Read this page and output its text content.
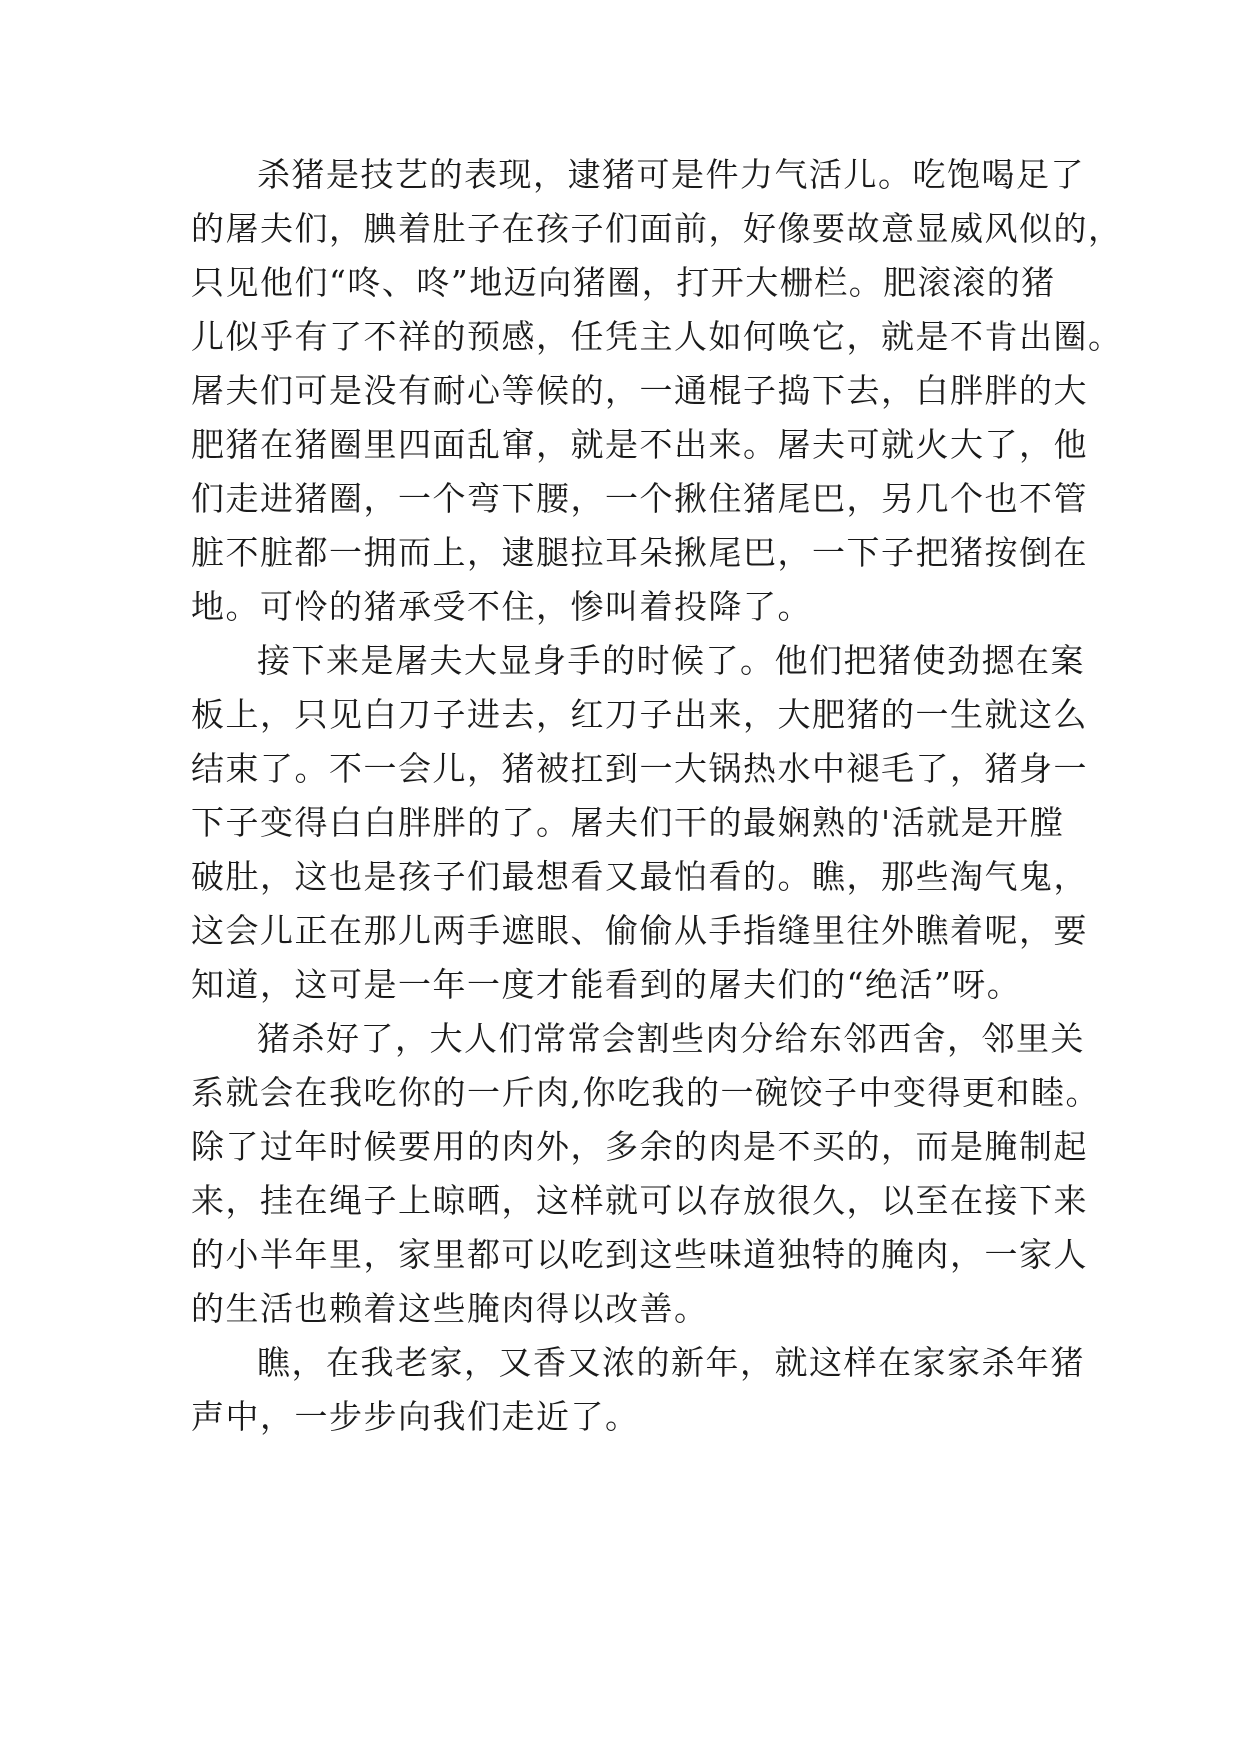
杀猪是技艺的表现，逮猪可是件力气活儿。吃饱喝足了
的屠夫们，腆着肚子在孩子们面前，好像要故意显威风似的，
只见他们“咚、咚”地迈向猪圈，打开大栅栏。肥滚滚的猪
儿似乎有了不祥的预感，任凭主人如何唤它，就是不肯出圈。
屠夫们可是没有耐心等候的，一通棍子捣下去，白胖胖的大
肥猪在猪圈里四面乱窜，就是不出来。屠夫可就火大了，他
们走进猪圈，一个弯下腰，一个揪住猪尾巴，另几个也不管
脏不脏都一拥而上，逮腿拉耳朵揪尾巴，一下子把猪按倒在
地。可怜的猪承受不住，惨叫着投降了。
接下来是屠夫大显身手的时候了。他们把猪使劲摁在案
板上，只见白刀子进去，红刀子出来，大肥猪的一生就这么
结束了。不一会儿，猪被扛到一大锅热水中褪毛了，猪身一
下子变得白白胖胖的了。屠夫们干的最娴熟的'活就是开膛
破肚，这也是孩子们最想看又最怕看的。瞧，那些淘气鬼，
这会儿正在那儿两手遮眼、偷偷从手指缝里往外瞧着呢，要
知道，这可是一年一度才能看到的屠夫们的“绝活”呀。
猪杀好了，大人们常常会割些肉分给东邻西舍，邻里关
系就会在我吃你的一斤肉,你吃我的一碗饺子中变得更和睦。
除了过年时候要用的肉外，多余的肉是不买的，而是腌制起
来，挂在绳子上晾晒，这样就可以存放很久，以至在接下来
的小半年里，家里都可以吃到这些味道独特的腌肉，一家人
的生活也赖着这些腌肉得以改善。
瞧，在我老家，又香又浓的新年，就这样在家家杀年猪
声中，一步步向我们走近了。
